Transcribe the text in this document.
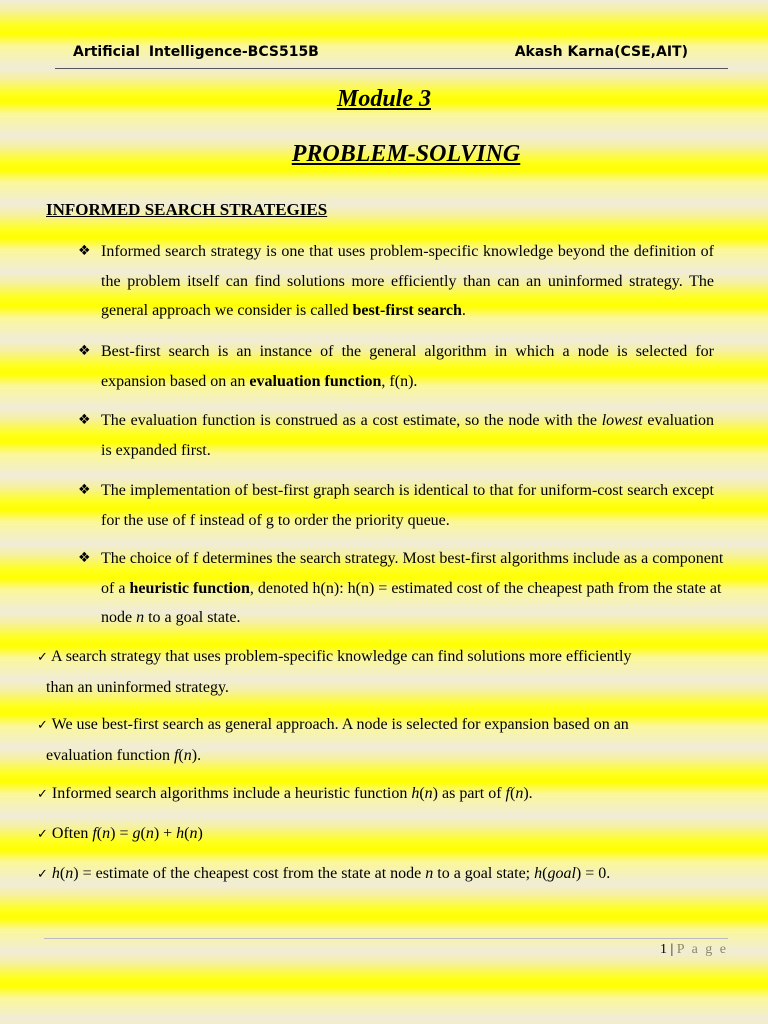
Artificial Intelligence-BCS515B	Akash Karna(CSE,AIT)
Module 3
PROBLEM-SOLVING
INFORMED SEARCH STRATEGIES
❖ Informed search strategy is one that uses problem-specific knowledge beyond the definition of the problem itself can find solutions more efficiently than can an uninformed strategy. The general approach we consider is called best-first search.
❖ Best-first search is an instance of the general algorithm in which a node is selected for expansion based on an evaluation function, f(n).
❖ The evaluation function is construed as a cost estimate, so the node with the lowest evaluation is expanded first.
❖ The implementation of best-first graph search is identical to that for uniform-cost search except for the use of f instead of g to order the priority queue.
❖ The choice of f determines the search strategy. Most best-first algorithms include as a component of a heuristic function, denoted h(n): h(n) = estimated cost of the cheapest path from the state at node n to a goal state.
✓ A search strategy that uses problem-specific knowledge can find solutions more efficiently
than an uninformed strategy.
✓ We use best-first search as general approach. A node is selected for expansion based on an
evaluation function f(n).
✓ Informed search algorithms include a heuristic function h(n) as part of f(n).
✓ Often f(n) = g(n) + h(n)
✓ h(n) = estimate of the cheapest cost from the state at node n to a goal state; h(goal) = 0.
1 | P a g e
